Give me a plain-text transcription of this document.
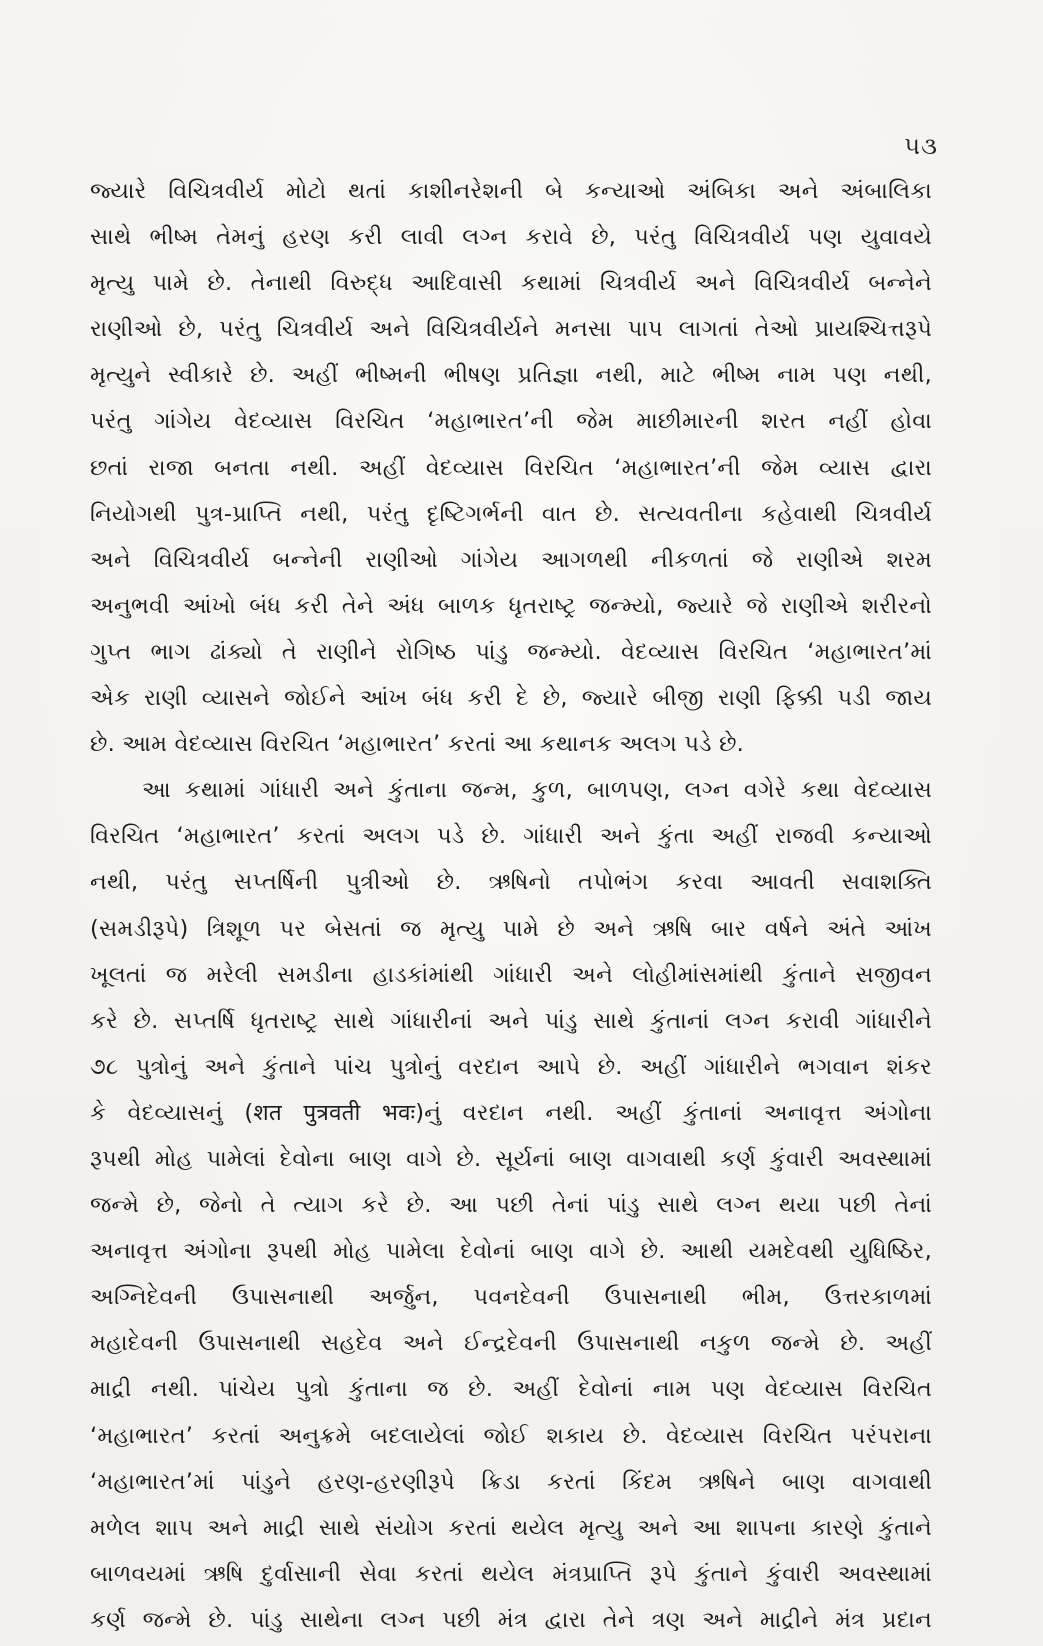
૫૩
જ્યારે વિચિત્રવીર્ય મોટો થતાં કાશીનરેશની બે કન્યાઓ અંબિકા અને અંબાલિકા
સાથે ભીષ્મ તેમનું હરણ કરી લાવી લગ્ન કરાવે છે, પરંતુ વિચિત્રવીર્ય પણ યુવાવયે
મૃત્યુ પામે છે. તેનાથી વિરુદ્ધ આદિવાસી કથામાં ચિત્રવીર્ય અને વિચિત્રવીર્ય બન્નેને
રાણીઓ છે, પરંતુ ચિત્રવીર્ય અને વિચિત્રવીર્યને મનસા પાપ લાગતાં તેઓ પ્રાયશ્ચિત્તરૂપે
મૃત્યુને સ્વીકારે છે. અહીં ભીષ્મની ભીષણ પ્રતિજ્ઞા નથી, માટે ભીષ્મ નામ પણ નથી,
પરંતુ ગાંગેય વેદવ્યાસ વિરચિત ‘મહાભારત’ની જેમ માછીમારની શરત નહીં હોવા
છતાં રાજા બનતા નથી. અહીં વેદવ્યાસ વિરચિત ‘મહાભારત’ની જેમ વ્યાસ દ્વારા
નિયોગથી પુત્ર-પ્રાપ્તિ નથી, પરંતુ દૃષ્ટિગર્ભની વાત છે. સત્યવતીના કહેવાથી ચિત્રવીર્ય
અને વિચિત્રવીર્ય બન્નેની રાણીઓ ગાંગેય આગળથી નીકળતાં જે રાણીએ શરમ
અનુભવી આંખો બંધ કરી તેને અંધ બાળક ધૃતરાષ્ટ્ર જન્મ્યો, જ્યારે જે રાણીએ શરીરનો
ગુપ્ત ભાગ ઢાંક્યો તે રાણીને રોગિષ્ઠ પાંડુ જન્મ્યો. વેદવ્યાસ વિરચિત ‘મહાભારત’માં
એક રાણી વ્યાસને જોઈને આંખ બંધ કરી દે છે, જ્યારે બીજી રાણી ફિક્કી પડી જાય
છે. આમ વેદવ્યાસ વિરચિત ‘મહાભારત’ કરતાં આ કથાનક અલગ પડે છે.
આ કથામાં ગાંધારી અને કુંતાના જન્મ, કુળ, બાળપણ, લગ્ન વગેરે કથા વેદવ્યાસ
વિરચિત ‘મહાભારત’ કરતાં અલગ પડે છે. ગાંધારી અને કુંતા અહીં રાજવી કન્યાઓ
નથી, પરંતુ સપ્તર્ષિની પુત્રીઓ છે. ઋષિનો તપોભંગ કરવા આવતી સવાશક્તિ
(સમડીરૂપે) ત્રિશૂળ પર બેસતાં જ મૃત્યુ પામે છે અને ઋષિ બાર વર્ષને અંતે આંખ
ખૂલતાં જ મરેલી સમડીના હાડકાંમાંથી ગાંધારી અને લોહીમાંસમાંથી કુંતાને સજીવન
કરે છે. સપ્તર્ષિ ધૃતરાષ્ટ્ર સાથે ગાંધારીનાં અને પાંડુ સાથે કુંતાનાં લગ્ન કરાવી ગાંધારીને
૭૮ પુત્રોનું અને કુંતાને પાંચ પુત્રોનું વરદાન આપે છે. અહીં ગાંધારીને ભગવાન શંકર
કે વેદવ્યાસનું (शत पुत्रवती भवः)નું વરદાન નથી. અહીં કુંતાનાં અનાવૃત્ત અંગોના
રૂપથી મોહ પામેલાં દેવોના બાણ વાગે છે. સૂર્યનાં બાણ વાગવાથી કર્ણ કુંવારી અવસ્થામાં
જન્મે છે, જેનો તે ત્યાગ કરે છે. આ પછી તેનાં પાંડુ સાથે લગ્ન થયા પછી તેનાં
અનાવૃત્ત અંગોના રૂપથી મોહ પામેલા દેવોનાં બાણ વાગે છે. આથી યમદેવથી યુધિષ્ઠિર,
અગ્નિદેવની ઉપાસનાથી અર્જુન, પવનદેવની ઉપાસનાથી ભીમ, ઉત્તરકાળમાં
મહાદેવની ઉપાસનાથી સહદેવ અને ઈન્દ્રદેવની ઉપાસનાથી નકુળ જન્મે છે. અહીં
માદ્રી નથી. પાંચેય પુત્રો કુંતાના જ છે. અહીં દેવોનાં નામ પણ વેદવ્યાસ વિરચિત
‘મહાભારત’ કરતાં અનુક્રમે બદલાયેલાં જોઈ શકાય છે. વેદવ્યાસ વિરચિત પરંપરાના
‘મહાભારત’માં પાંડુને હરણ-હરણીરૂપે ક્રિડા કરતાં કિંદમ ઋષિને બાણ વાગવાથી
મળેલ શાપ અને માદ્રી સાથે સંયોગ કરતાં થયેલ મૃત્યુ અને આ શાપના કારણે કુંતાને
બાળવયમાં ઋષિ દુર્વાસાની સેવા કરતાં થયેલ મંત્રપ્રાપ્તિ રૂપે કુંતાને કુંવારી અવસ્થામાં
કર્ણ જન્મે છે. પાંડુ સાથેના લગ્ન પછી મંત્ર દ્વારા તેને ત્રણ અને માદ્રીને મંત્ર પ્રદાન
